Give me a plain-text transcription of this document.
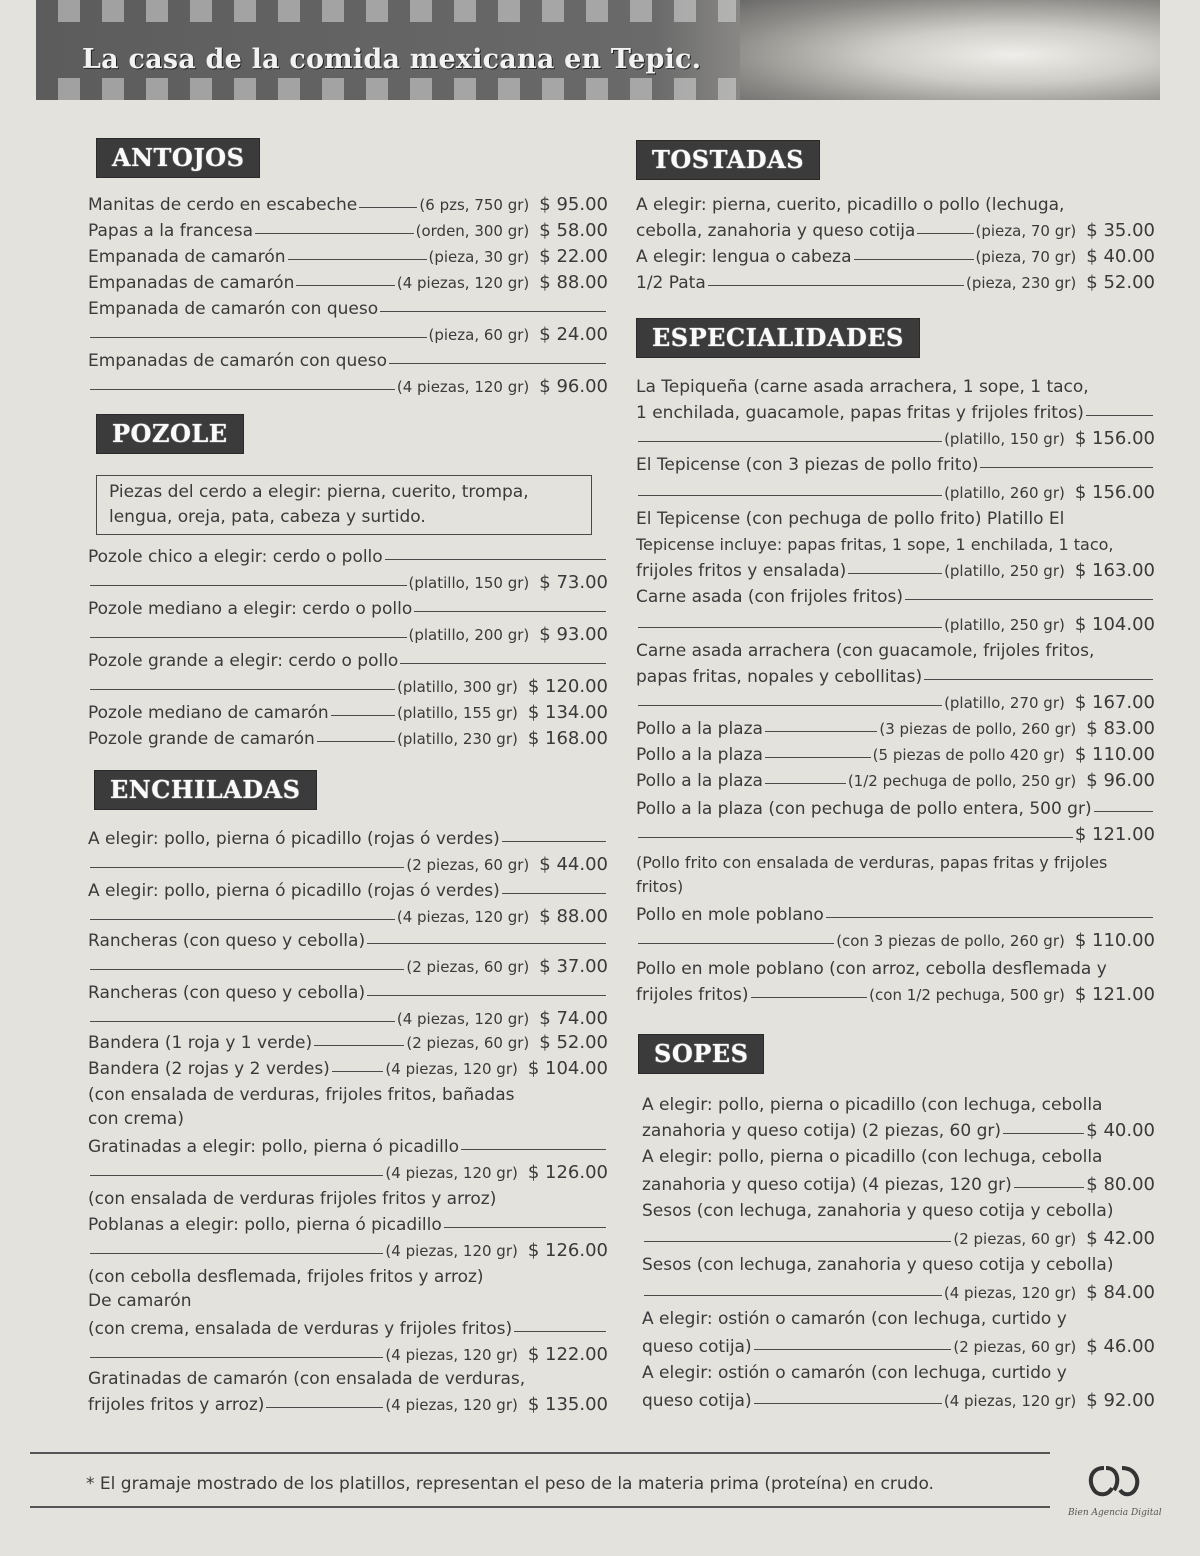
La casa de la comida mexicana en Tepic.
ANTOJOS
Manitas de cerdo en escabeche	(6 pzs, 750 gr) $ 95.00
Papas a la francesa	(orden, 300 gr) $ 58.00
Empanada de camarón	(pieza, 30 gr) $ 22.00
Empanadas de camarón	(4 piezas, 120 gr) $ 88.00
Empanada de camarón con queso
(pieza, 60 gr) $ 24.00
Empanadas de camarón con queso
(4 piezas, 120 gr) $ 96.00
POZOLE
Piezas del cerdo a elegir: pierna, cuerito, trompa,
lengua, oreja, pata, cabeza y surtido.
Pozole chico a elegir: cerdo o pollo
(platillo, 150 gr) $ 73.00
Pozole mediano a elegir: cerdo o pollo
(platillo, 200 gr) $ 93.00
Pozole grande a elegir: cerdo o pollo
(platillo, 300 gr) $ 120.00
Pozole mediano de camarón	(platillo, 155 gr) $ 134.00
Pozole grande de camarón	(platillo, 230 gr) $ 168.00
ENCHILADAS
A elegir: pollo, pierna ó picadillo (rojas ó verdes)
(2 piezas, 60 gr) $ 44.00
A elegir: pollo, pierna ó picadillo (rojas ó verdes)
(4 piezas, 120 gr) $ 88.00
Rancheras (con queso y cebolla)
(2 piezas, 60 gr) $ 37.00
Rancheras (con queso y cebolla)
(4 piezas, 120 gr) $ 74.00
Bandera (1 roja y 1 verde)	(2 piezas, 60 gr) $ 52.00
Bandera (2 rojas y 2 verdes)	(4 piezas, 120 gr) $ 104.00
(con ensalada de verduras, frijoles fritos, bañadas
con crema)
Gratinadas a elegir: pollo, pierna ó picadillo
(4 piezas, 120 gr) $ 126.00
(con ensalada de verduras frijoles fritos y arroz)
Poblanas a elegir: pollo, pierna ó picadillo
(4 piezas, 120 gr) $ 126.00
(con cebolla desflemada, frijoles fritos y arroz)
De camarón
(con crema, ensalada de verduras y frijoles fritos)
(4 piezas, 120 gr) $ 122.00
Gratinadas de camarón (con ensalada de verduras,
frijoles fritos y arroz)	(4 piezas, 120 gr) $ 135.00
TOSTADAS
A elegir: pierna, cuerito, picadillo o pollo (lechuga,
cebolla, zanahoria y queso cotija	(pieza, 70 gr) $ 35.00
A elegir: lengua o cabeza	(pieza, 70 gr) $ 40.00
1/2 Pata	(pieza, 230 gr) $ 52.00
ESPECIALIDADES
La Tepiqueña (carne asada arrachera, 1 sope, 1 taco,
1 enchilada, guacamole, papas fritas y frijoles fritos)
(platillo, 150 gr) $ 156.00
El Tepicense (con 3 piezas de pollo frito)
(platillo, 260 gr) $ 156.00
El Tepicense (con pechuga de pollo frito) Platillo El
Tepicense incluye: papas fritas, 1 sope, 1 enchilada, 1 taco,
frijoles fritos y ensalada)	(platillo, 250 gr) $ 163.00
Carne asada (con frijoles fritos)
(platillo, 250 gr) $ 104.00
Carne asada arrachera (con guacamole, frijoles fritos,
papas fritas, nopales y cebollitas)
(platillo, 270 gr) $ 167.00
Pollo a la plaza	(3 piezas de pollo, 260 gr) $ 83.00
Pollo a la plaza	(5 piezas de pollo 420 gr) $ 110.00
Pollo a la plaza	(1/2 pechuga de pollo, 250 gr) $ 96.00
Pollo a la plaza (con pechuga de pollo entera, 500 gr)
$ 121.00
(Pollo frito con ensalada de verduras, papas fritas y frijoles
fritos)
Pollo en mole poblano
(con 3 piezas de pollo, 260 gr) $ 110.00
Pollo en mole poblano (con arroz, cebolla desflemada y
frijoles fritos)	(con 1/2 pechuga, 500 gr) $ 121.00
SOPES
A elegir: pollo, pierna o picadillo (con lechuga, cebolla
zanahoria y queso cotija) (2 piezas, 60 gr)	$ 40.00
A elegir: pollo, pierna o picadillo (con lechuga, cebolla
zanahoria y queso cotija) (4 piezas, 120 gr)	$ 80.00
Sesos (con lechuga, zanahoria y queso cotija y cebolla)
(2 piezas, 60 gr) $ 42.00
Sesos (con lechuga, zanahoria y queso cotija y cebolla)
(4 piezas, 120 gr) $ 84.00
A elegir: ostión o camarón (con lechuga, curtido y
queso cotija)	(2 piezas, 60 gr) $ 46.00
A elegir: ostión o camarón (con lechuga, curtido y
queso cotija)	(4 piezas, 120 gr) $ 92.00
* El gramaje mostrado de los platillos, representan el peso de la materia prima (proteína) en crudo.
Bien Agencia Digital
